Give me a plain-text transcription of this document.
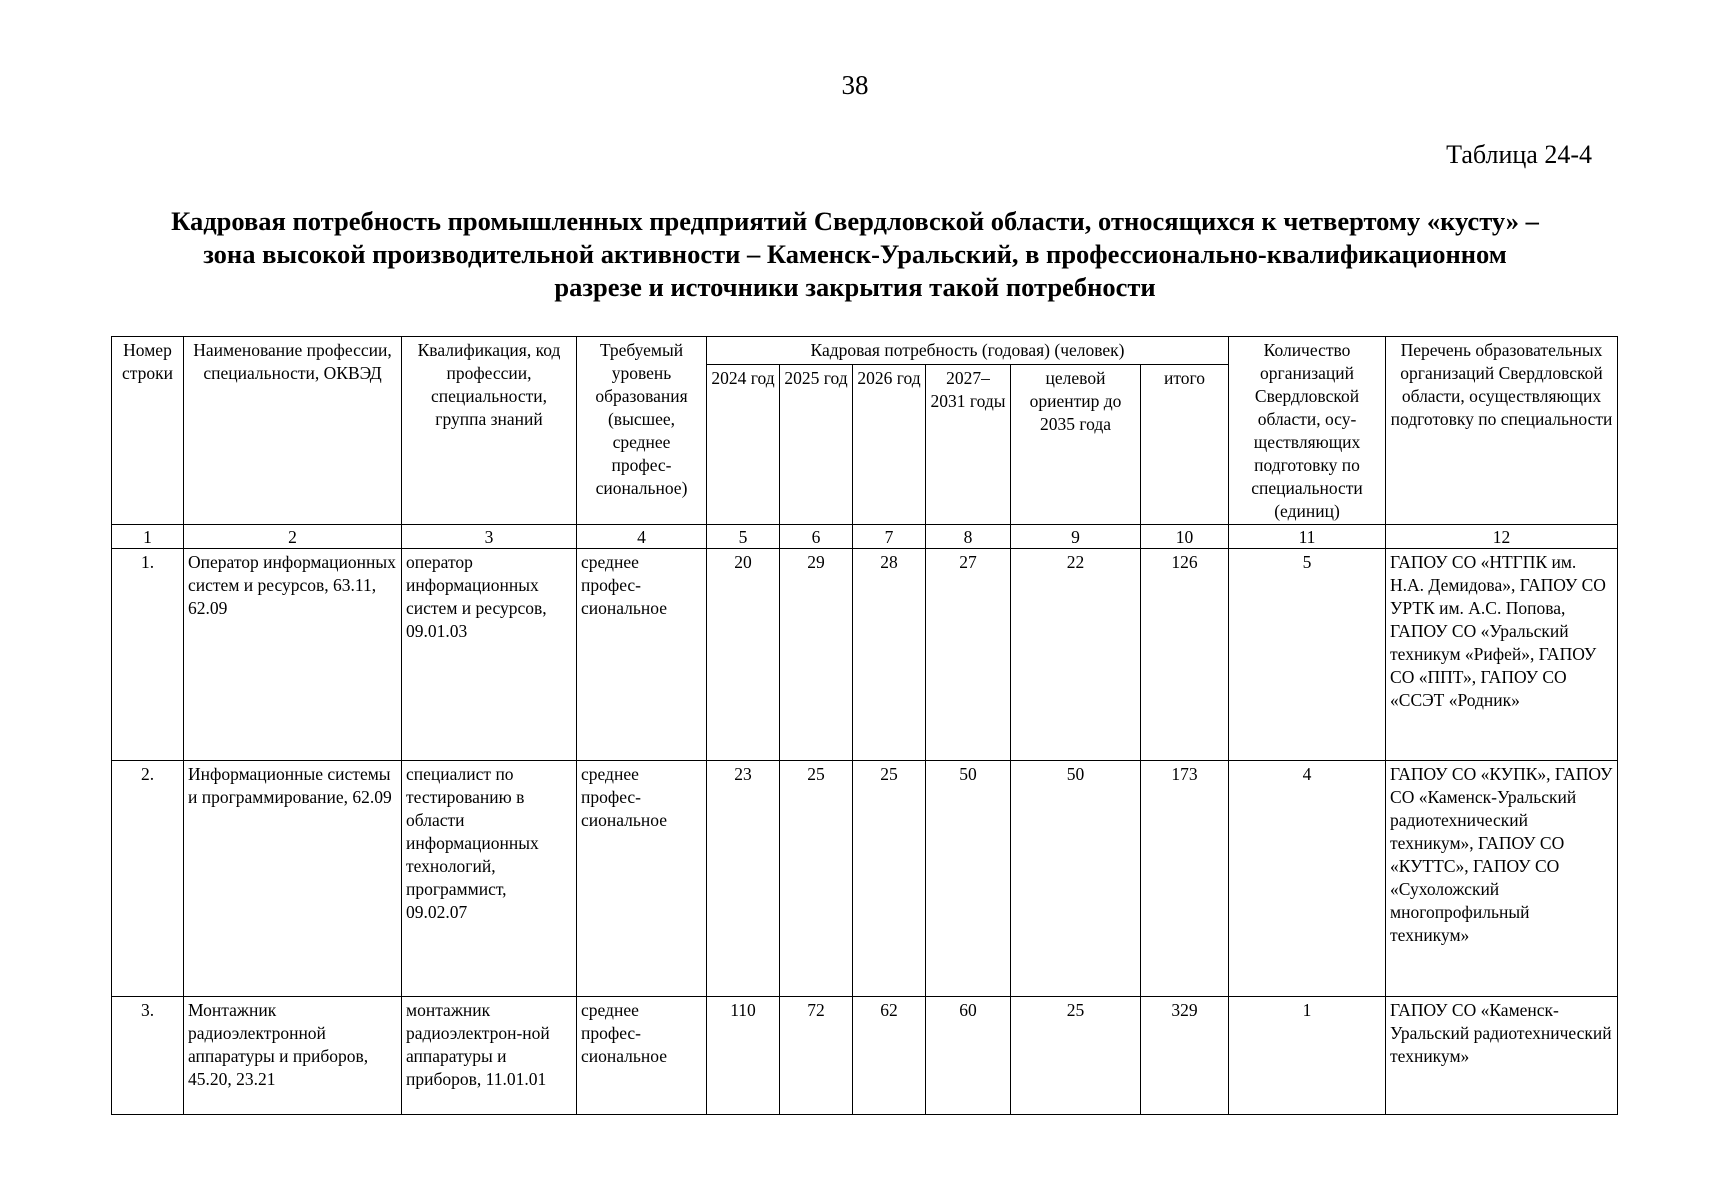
38
Таблица 24-4
Кадровая потребность промышленных предприятий Свердловской области, относящихся к четвертому «кусту» –
зона высокой производительной активности – Каменск-Уральский, в профессионально-квалификационном
разрезе и источники закрытия такой потребности
Номер строки	Наименование профессии, специальности, ОКВЭД	Квалификация, код профессии, специальности, группа знаний	Требуемый уровень образования (высшее, среднее профес-сиональное)	Кадровая потребность (годовая) (человек)						Количество организаций Свердловской области, осу-ществляющих подготовку по специальности (единиц)	Перечень образовательных организаций Свердловской области, осуществляющих подготовку по специальности
				2024 год	2025 год	2026 год	2027– 2031 годы	целевой ориентир до 2035 года	итого		
1	2	3	4	5	6	7	8	9	10	11	12
1.	Оператор информационных систем и ресурсов, 63.11, 62.09	оператор информационных систем и ресурсов, 09.01.03	среднее профес-сиональное	20	29	28	27	22	126	5	ГАПОУ СО «НТГПК им. Н.А. Демидова», ГАПОУ СО УРТК им. А.С. Попова, ГАПОУ СО «Уральский техникум «Рифей», ГАПОУ СО «ППТ», ГАПОУ СО «ССЭТ «Родник»
2.	Информационные системы и программирование, 62.09	специалист по тестированию в области информационных технологий, программист, 09.02.07	среднее профес-сиональное	23	25	25	50	50	173	4	ГАПОУ СО «КУПК», ГАПОУ СО «Каменск-Уральский радиотехнический техникум», ГАПОУ СО «КУТТС», ГАПОУ СО «Сухоложский многопрофильный техникум»
3.	Монтажник радиоэлектронной аппаратуры и приборов, 45.20, 23.21	монтажник радиоэлектрон-ной аппаратуры и приборов, 11.01.01	среднее профес-сиональное	110	72	62	60	25	329	1	ГАПОУ СО «Каменск-Уральский радиотехнический техникум»
